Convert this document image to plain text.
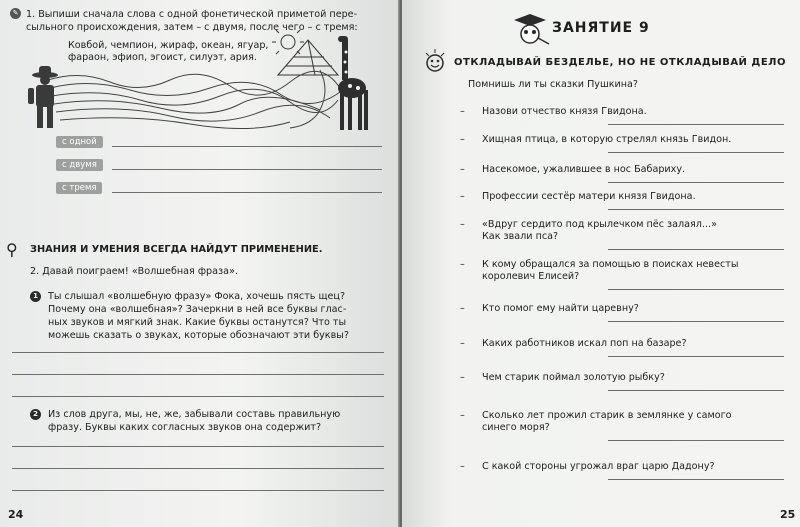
✎ 1. Выпиши сначала слова с одной фонетической приметой пере-
сыльного происхождения, затем – с двумя, после чего – с тремя:
Ковбой, чемпион, жираф, океан, ягуар,
фараон, эфиоп, эгоист, силуэт, ария.
с одной
с двумя
с тремя
⚲ ЗНАНИЯ И УМЕНИЯ ВСЕГДА НАЙДУТ ПРИМЕНЕНИЕ.
2. Давай поиграем! «Волшебная фраза».
1	Ты слышал «волшебную фразу» Фока, хочешь пясть щец?
Почему она «волшебная»? Зачеркни в ней все буквы глас-
ных звуков и мягкий знак. Какие буквы останутся? Что ты
можешь сказать о звуках, которые обозначают эти буквы?
2	Из слов друга, мы, не, же, забывали составь правильную
фразу. Буквы каких согласных звуков она содержит?
24
ЗАНЯТИЕ 9
ОТКЛАДЫВАЙ БЕЗДЕЛЬЕ, НО НЕ ОТКЛАДЫВАЙ ДЕЛО
Помнишь ли ты сказки Пушкина?
– Назови отчество князя Гвидона.
– Хищная птица, в которую стрелял князь Гвидон.
– Насекомое, ужалившее в нос Бабариху.
– Профессии сестёр матери князя Гвидона.
– «Вдруг сердито под крылечком пёс залаял...»
Как звали пса?
– К кому обращался за помощью в поисках невесты
королевич Елисей?
– Кто помог ему найти царевну?
– Каких работников искал поп на базаре?
– Чем старик поймал золотую рыбку?
– Сколько лет прожил старик в землянке у самого
синего моря?
– С какой стороны угрожал враг царю Дадону?
25
